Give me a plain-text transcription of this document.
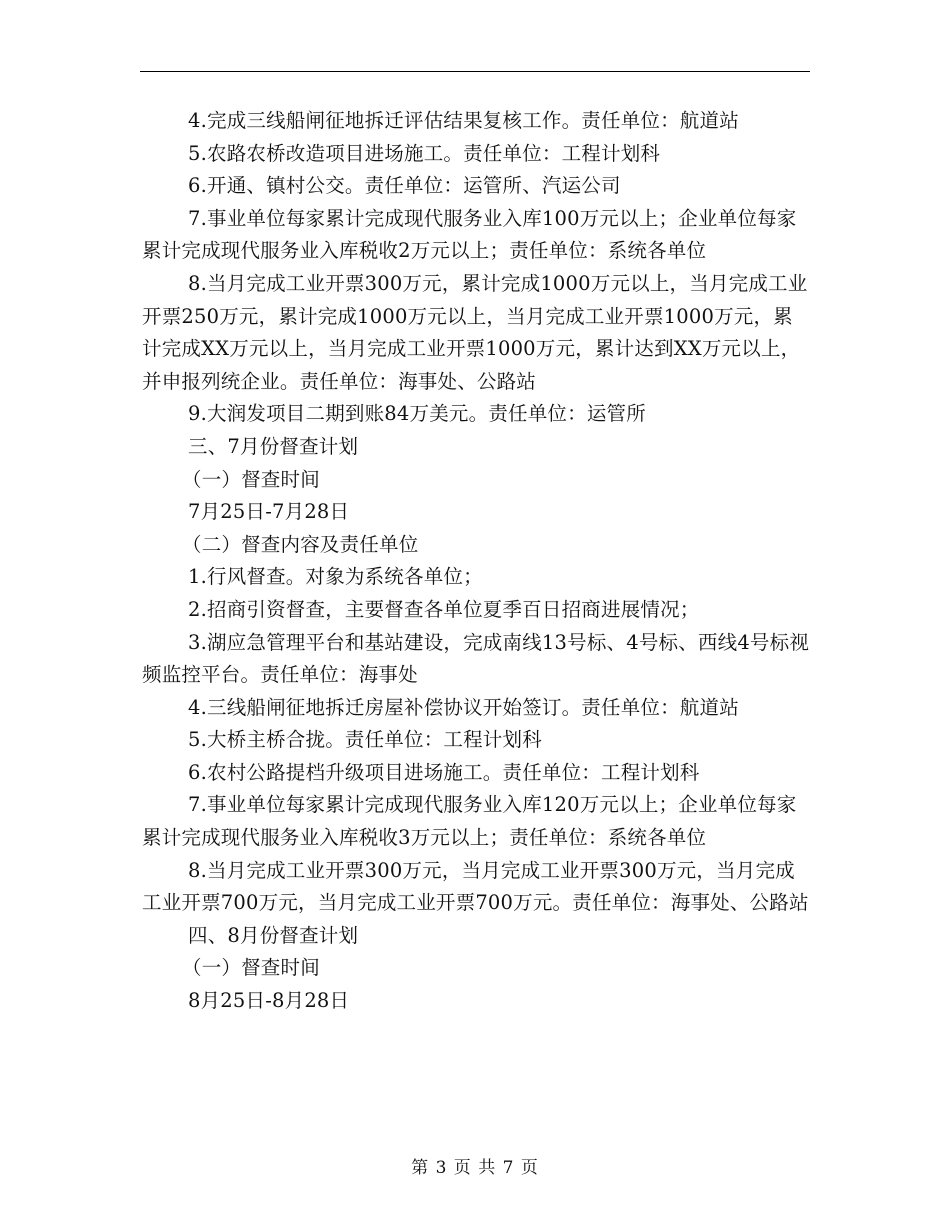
4.完成三线船闸征地拆迁评估结果复核工作。责任单位：航道站

5.农路农桥改造项目进场施工。责任单位：工程计划科

6.开通、镇村公交。责任单位：运管所、汽运公司

7.事业单位每家累计完成现代服务业入库100万元以上；企业单位每家累计完成现代服务业入库税收2万元以上；责任单位：系统各单位

8.当月完成工业开票300万元，累计完成1000万元以上，当月完成工业开票250万元，累计完成1000万元以上，当月完成工业开票1000万元，累计完成XX万元以上，当月完成工业开票1000万元，累计达到XX万元以上，并申报列统企业。责任单位：海事处、公路站

9.大润发项目二期到账84万美元。责任单位：运管所

三、7月份督查计划

（一）督查时间

7月25日-7月28日

（二）督查内容及责任单位

1.行风督查。对象为系统各单位；

2.招商引资督查，主要督查各单位夏季百日招商进展情况；

3.湖应急管理平台和基站建设，完成南线13号标、4号标、西线4号标视频监控平台。责任单位：海事处

4.三线船闸征地拆迁房屋补偿协议开始签订。责任单位：航道站

5.大桥主桥合拢。责任单位：工程计划科

6.农村公路提档升级项目进场施工。责任单位：工程计划科

7.事业单位每家累计完成现代服务业入库120万元以上；企业单位每家累计完成现代服务业入库税收3万元以上；责任单位：系统各单位

8.当月完成工业开票300万元，当月完成工业开票300万元，当月完成工业开票700万元，当月完成工业开票700万元。责任单位：海事处、公路站

四、8月份督查计划

（一）督查时间

8月25日-8月28日

第 3 页 共 7 页
